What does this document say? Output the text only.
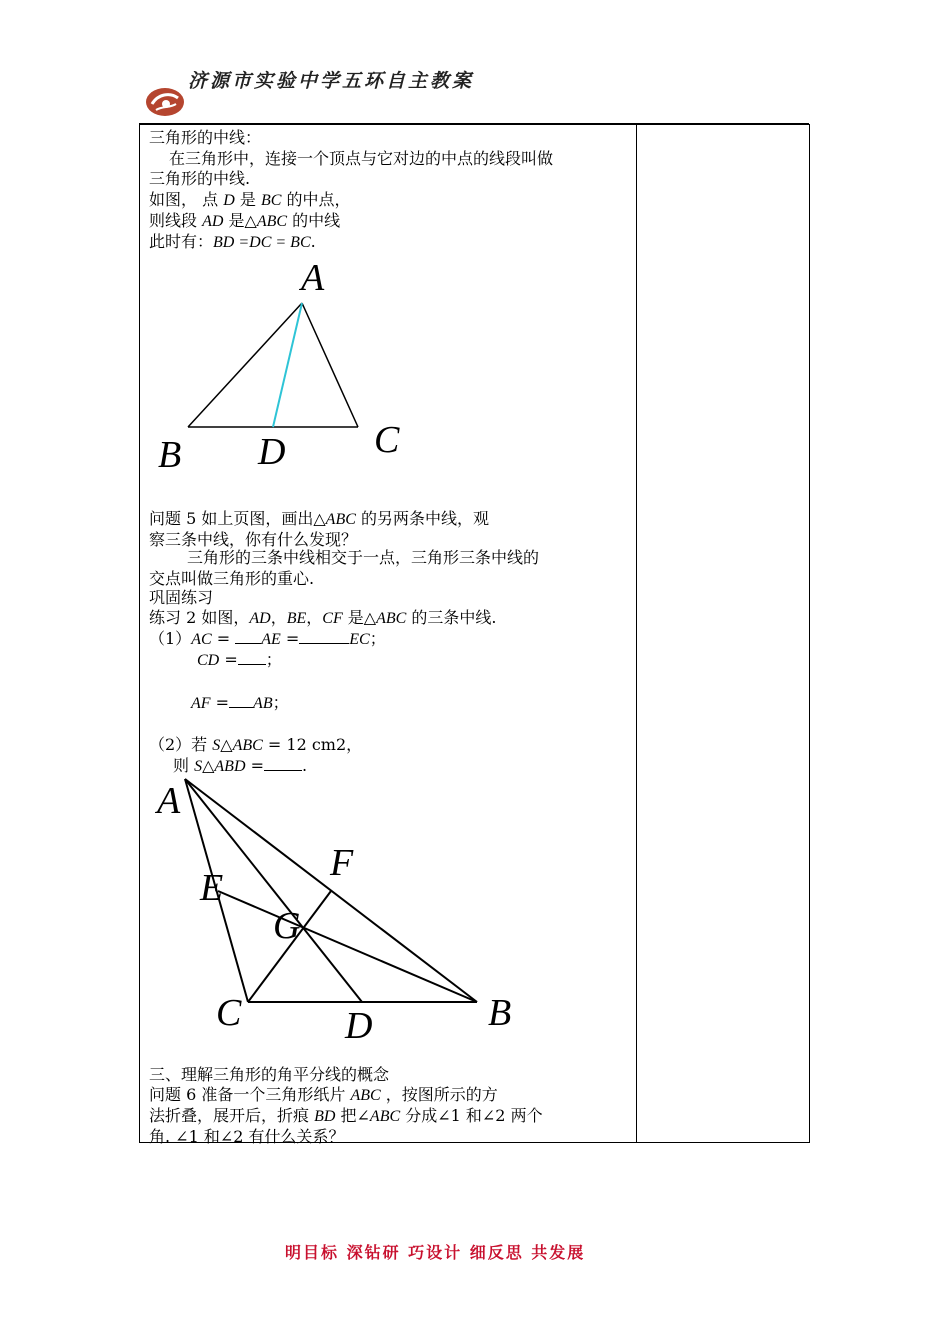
济源市实验中学五环自主教案
三角形的中线：
在三角形中，连接一个顶点与它对边的中点的线段叫做
三角形的中线.
如图， 点 D 是 BC 的中点，
则线段 AD 是△ABC 的中线
此时有：BD =DC = BC.
问题 5 如上页图，画出△ABC 的另两条中线，观
察三条中线，你有什么发现？
三角形的三条中线相交于一点，三角形三条中线的
交点叫做三角形的重心.
巩固练习
练习 2 如图，AD，BE，CF 是△ABC 的三条中线.
（1）AC = AE =	EC；
CD = ；
AF = AB；
（2）若 S△ABC = 12 cm2，
则 S△ABD = .
三、理解三角形的角平分线的概念
问题 6 准备一个三角形纸片 ABC ，按图所示的方
法折叠，展开后，折痕 BD 把∠ABC 分成∠1 和∠2 两个
角. ∠1 和∠2 有什么关系？
A
B	C
D
A
B
C	D
E
F
G
明目标 深钻研 巧设计 细反思 共发展
